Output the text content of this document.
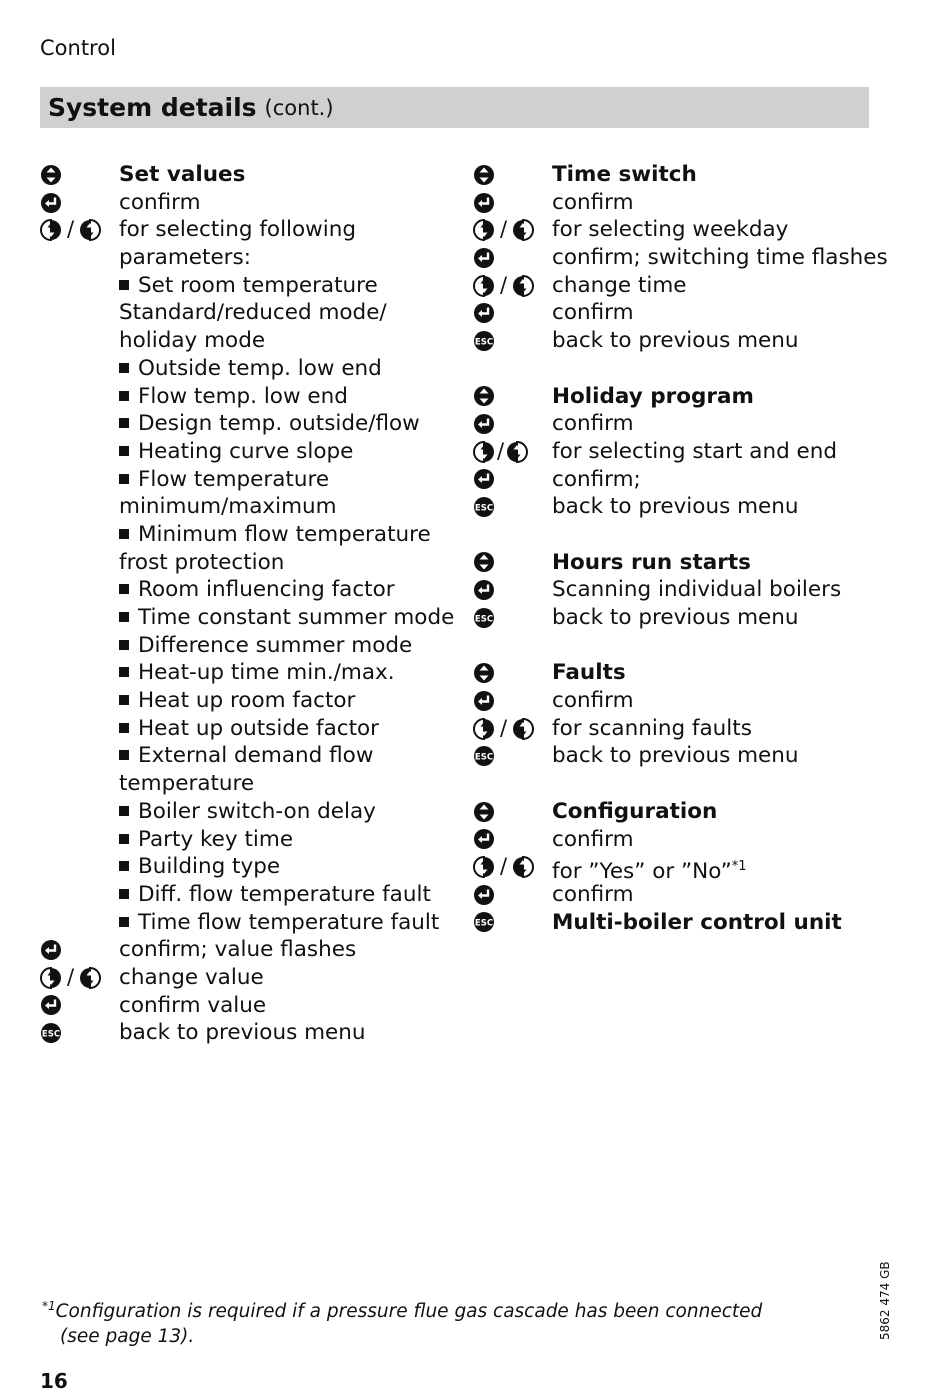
Control
System details (cont.)
Set values
confirm
/ for selecting following
parameters:
Set room temperature
Standard/reduced mode/
holiday mode
Outside temp. low end
Flow temp. low end
Design temp. outside/flow
Heating curve slope
Flow temperature
minimum/maximum
Minimum flow temperature
frost protection
Room influencing factor
Time constant summer mode
Difference summer mode
Heat-up time min./max.
Heat up room factor
Heat up outside factor
External demand flow
temperature
Boiler switch-on delay
Party key time
Building type
Diff. flow temperature fault
Time flow temperature fault
confirm; value flashes
/ change value
confirm value
back to previous menu
Time switch
confirm
/ for selecting weekday
confirm; switching time flashes
/ change time
confirm
back to previous menu
Holiday program
confirm
/ for selecting start and end
confirm;
back to previous menu
Hours run starts
Scanning individual boilers
back to previous menu
Faults
confirm
/ for scanning faults
back to previous menu
Configuration
confirm
/ for ”Yes” or ”No”$^{*1}$
confirm
Multi-boiler control unit
$^{*1}$Configuration is required if a pressure flue gas cascade has been connected
(see page 13).
16
5862 474 GB
